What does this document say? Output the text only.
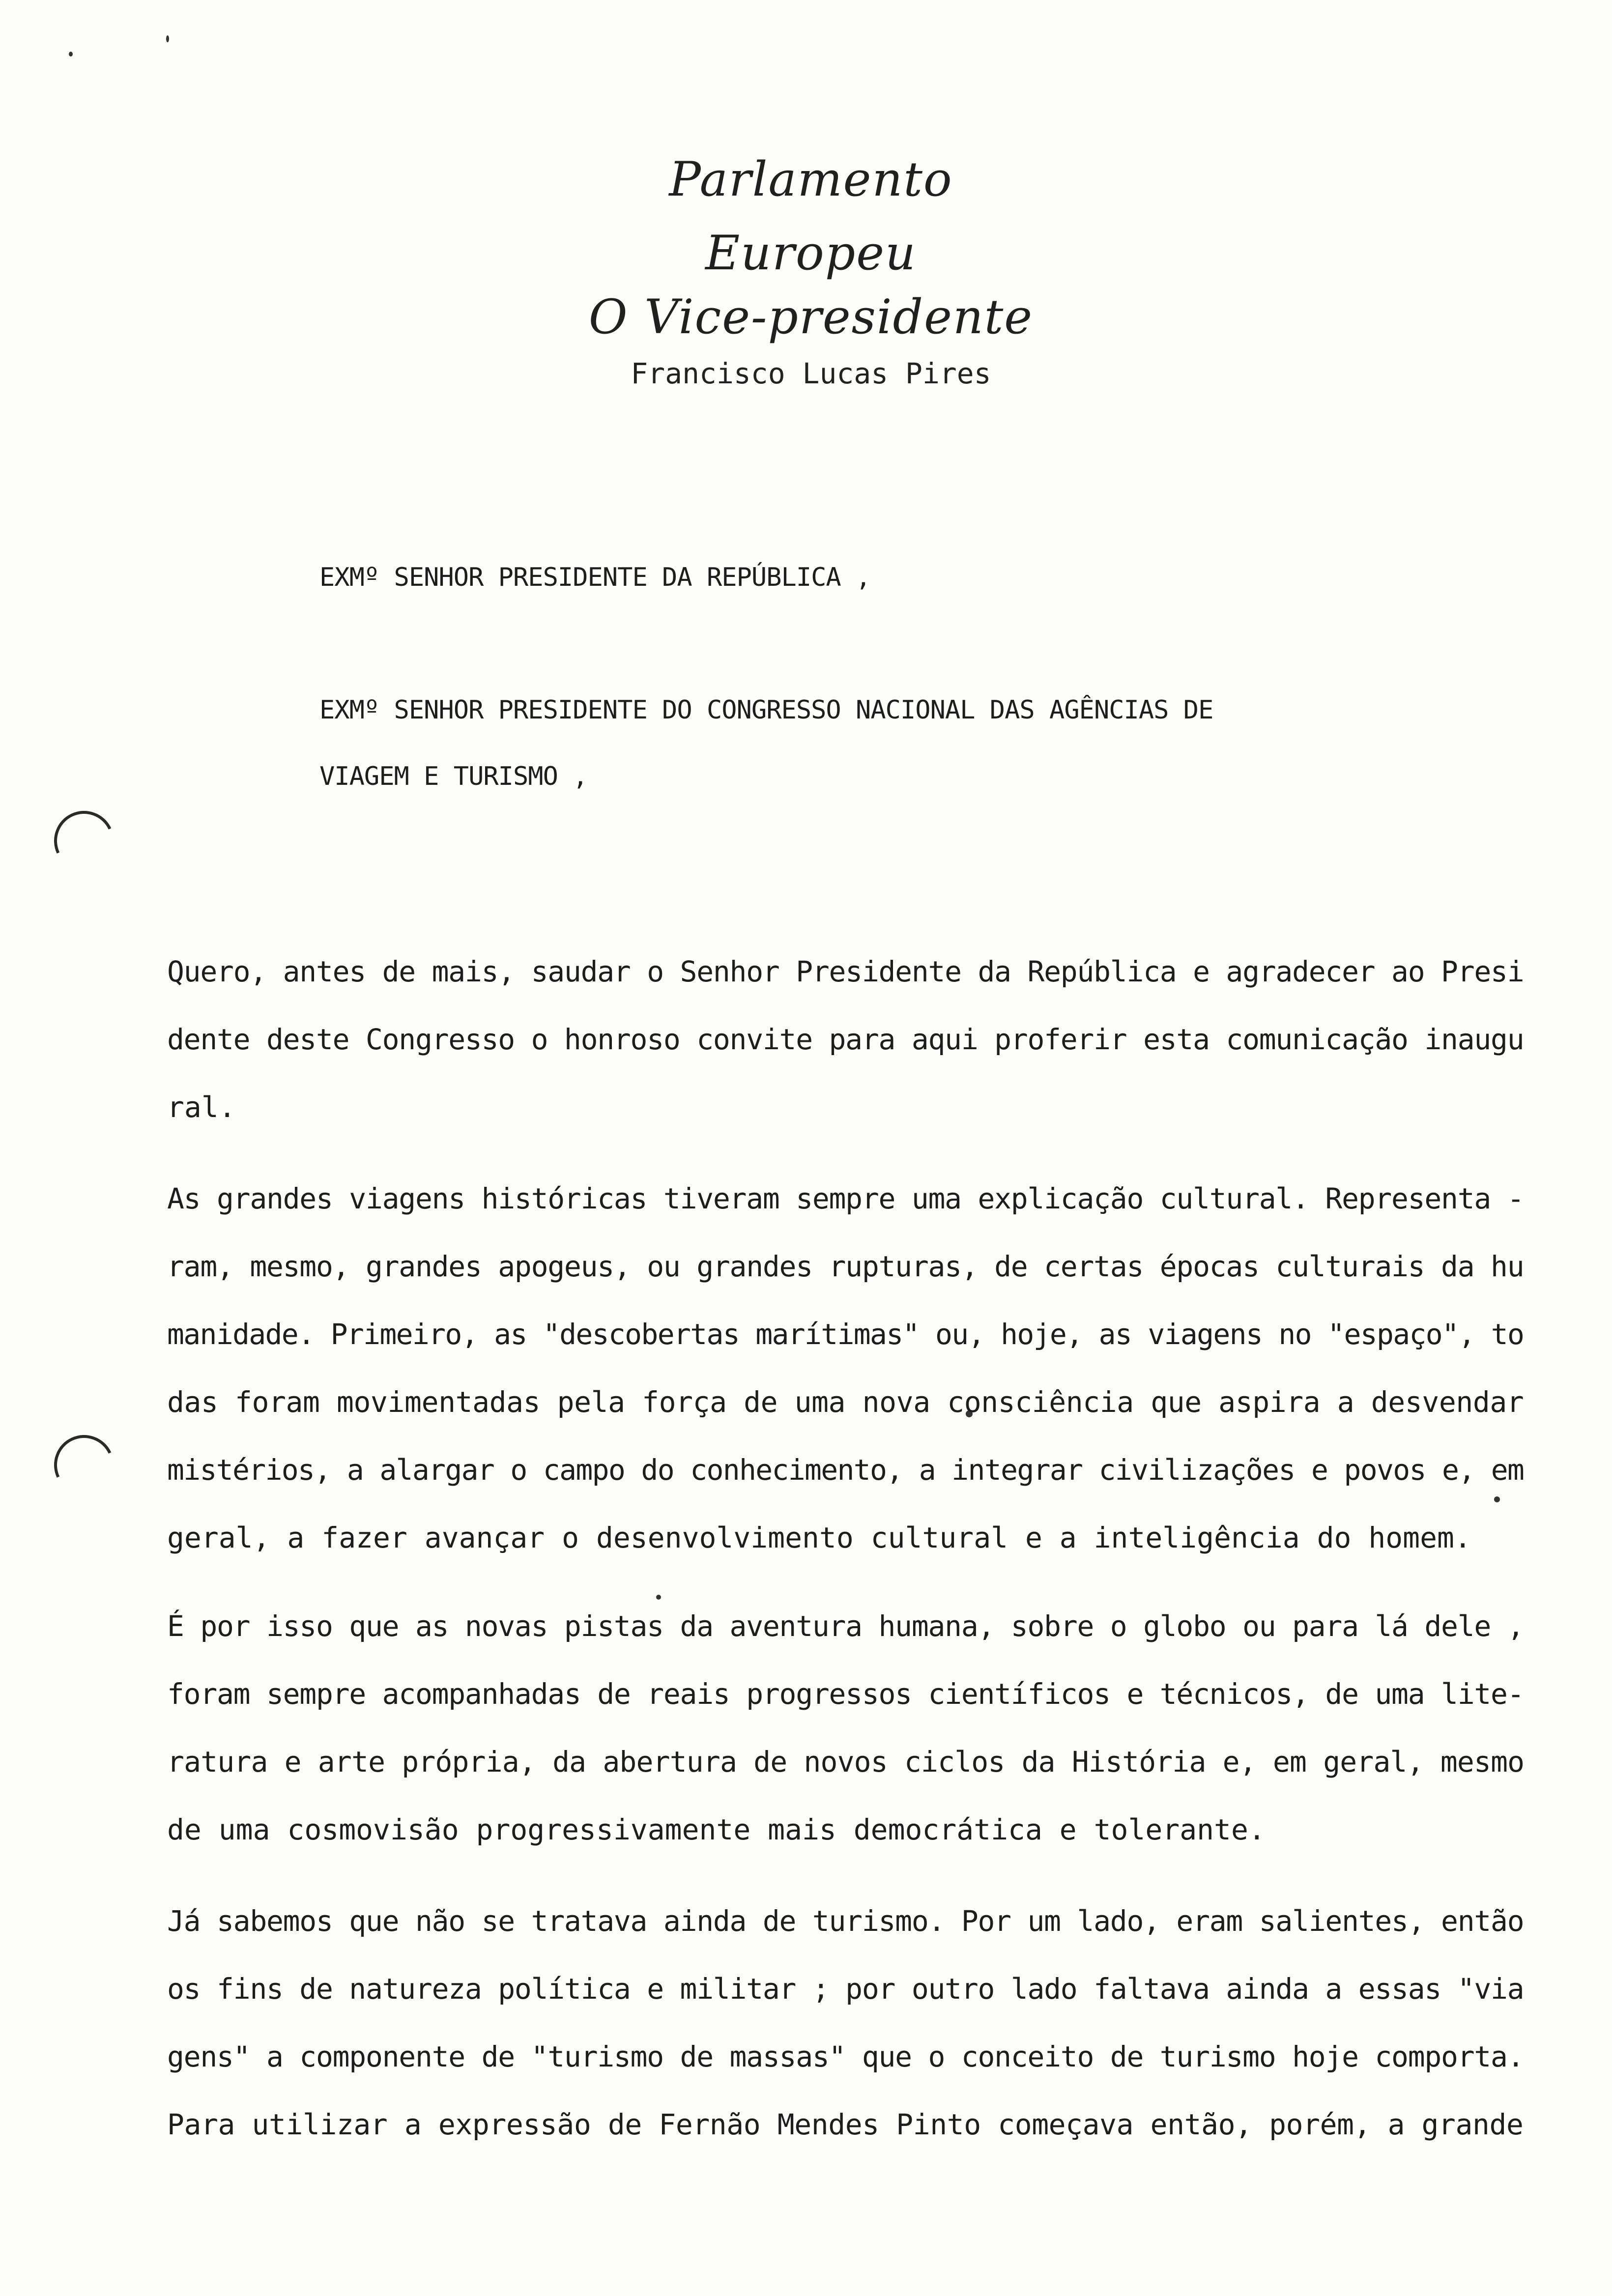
Parlamento Europeu
O Vice-presidente
Francisco Lucas Pires
EXMº SENHOR PRESIDENTE DA REPÚBLICA ,
EXMº SENHOR PRESIDENTE DO CONGRESSO NACIONAL DAS AGÊNCIAS DE
VIAGEM E TURISMO ,
Quero, antes de mais, saudar o Senhor Presidente da República e agradecer ao Presi
dente deste Congresso o honroso convite para aqui proferir esta comunicação inaugu
ral.
As grandes viagens históricas tiveram sempre uma explicação cultural. Representa -
ram, mesmo, grandes apogeus, ou grandes rupturas, de certas épocas culturais da hu
manidade. Primeiro, as "descobertas marítimas" ou, hoje, as viagens no "espaço", to
das foram movimentadas pela força de uma nova consciência que aspira a desvendar
mistérios, a alargar o campo do conhecimento, a integrar civilizações e povos e, em
geral, a fazer avançar o desenvolvimento cultural e a inteligência do homem.
É por isso que as novas pistas da aventura humana, sobre o globo ou para lá dele ,
foram sempre acompanhadas de reais progressos científicos e técnicos, de uma lite-
ratura e arte própria, da abertura de novos ciclos da História e, em geral, mesmo
de uma cosmovisão progressivamente mais democrática e tolerante.
Já sabemos que não se tratava ainda de turismo. Por um lado, eram salientes, então
os fins de natureza política e militar ; por outro lado faltava ainda a essas "via
gens" a componente de "turismo de massas" que o conceito de turismo hoje comporta.
Para utilizar a expressão de Fernão Mendes Pinto começava então, porém, a grande
